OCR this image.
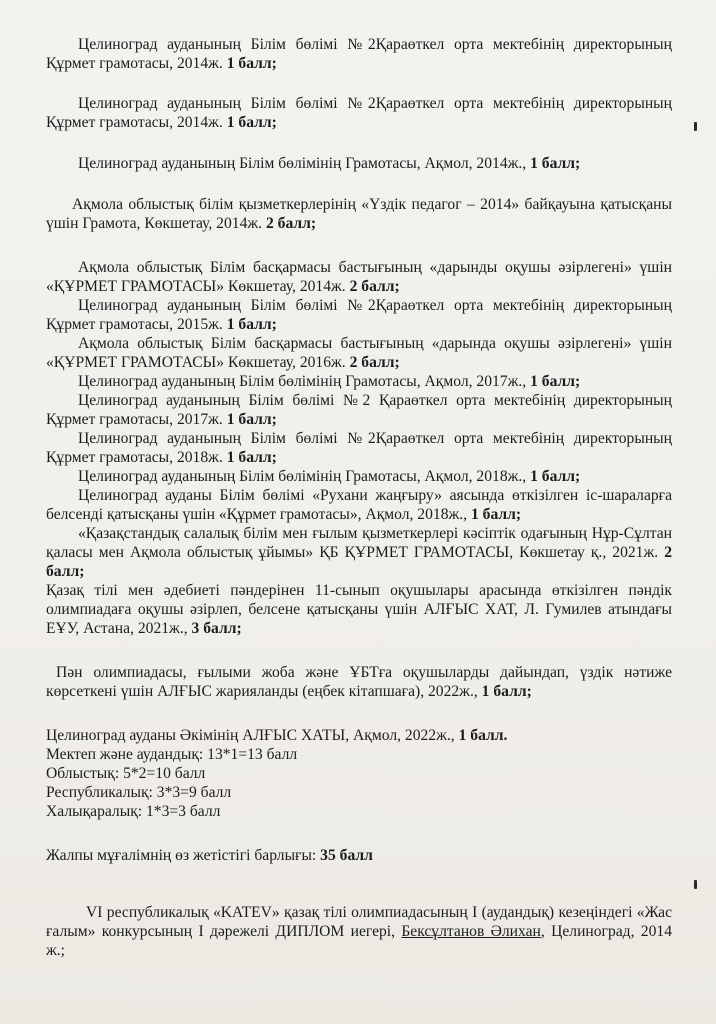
Целиноград ауданының Білім бөлімі №2Қараөткел орта мектебінің директорының Құрмет грамотасы, 2014ж. 1 балл;

Целиноград ауданының Білім бөлімі №2Қараөткел орта мектебінің директорының Құрмет грамотасы, 2014ж. 1 балл;

Целиноград ауданының Білім бөлімінің Грамотасы, Ақмол, 2014ж., 1 балл;

Ақмола облыстық білім қызметкерлерінің «Үздік педагог – 2014» байқауына қатысқаны үшін Грамота, Көкшетау, 2014ж. 2 балл;

Ақмола облыстық Білім басқармасы бастығының «дарынды оқушы әзірлегені» үшін «ҚҰРМЕТ ГРАМОТАСЫ» Көкшетау, 2014ж. 2 балл;

Целиноград ауданының Білім бөлімі №2Қараөткел орта мектебінің директорының Құрмет грамотасы, 2015ж. 1 балл;

Ақмола облыстық Білім басқармасы бастығының «дарында оқушы әзірлегені» үшін «ҚҰРМЕТ ГРАМОТАСЫ» Көкшетау, 2016ж. 2 балл;

Целиноград ауданының Білім бөлімінің Грамотасы, Ақмол, 2017ж., 1 балл;

Целиноград ауданының Білім бөлімі №2 Қараөткел орта мектебінің директорының Құрмет грамотасы, 2017ж. 1 балл;

Целиноград ауданының Білім бөлімі №2Қараөткел орта мектебінің директорының Құрмет грамотасы, 2018ж. 1 балл;

Целиноград ауданының Білім бөлімінің Грамотасы, Ақмол, 2018ж., 1 балл;

Целиноград ауданы Білім бөлімі «Рухани жаңғыру» аясында өткізілген іс-шараларға белсенді қатысқаны үшін «Құрмет грамотасы», Ақмол, 2018ж., 1 балл;

«Қазақстандық салалық білім мен ғылым қызметкерлері кәсіптік одағының Нұр-Сұлтан қаласы мен Ақмола облыстық ұйымы» ҚБ ҚҰРМЕТ ГРАМОТАСЫ, Көкшетау қ., 2021ж. 2 балл;

Қазақ тілі мен әдебиеті пәндерінен 11-сынып оқушылары арасында өткізілген пәндік олимпиадаға оқушы әзірлеп, белсене қатысқаны үшін АЛҒЫС ХАТ, Л. Гумилев атындағы ЕҰУ, Астана, 2021ж., 3 балл;

Пән олимпиадасы, ғылыми жоба және ҰБТға оқушыларды дайындап, үздік нәтиже көрсеткені үшін АЛҒЫС жарияланды (еңбек кітапшаға), 2022ж., 1 балл;

Целиноград ауданы Әкімінің АЛҒЫС ХАТЫ, Ақмол, 2022ж., 1 балл.

Мектеп және аудандық: 13*1=13 балл

Облыстық: 5*2=10 балл

Республикалық: 3*3=9 балл

Халықаралық: 1*3=3 балл

Жалпы мұғалімнің өз жетістігі барлығы: 35 балл

VI республикалық «KATEV» қазақ тілі олимпиадасының I (аудандық) кезеңіндегі «Жас ғалым» конкурсының I дәрежелі ДИПЛОМ иегері, Бексұлтанов Әлихан, Целиноград, 2014 ж.;
